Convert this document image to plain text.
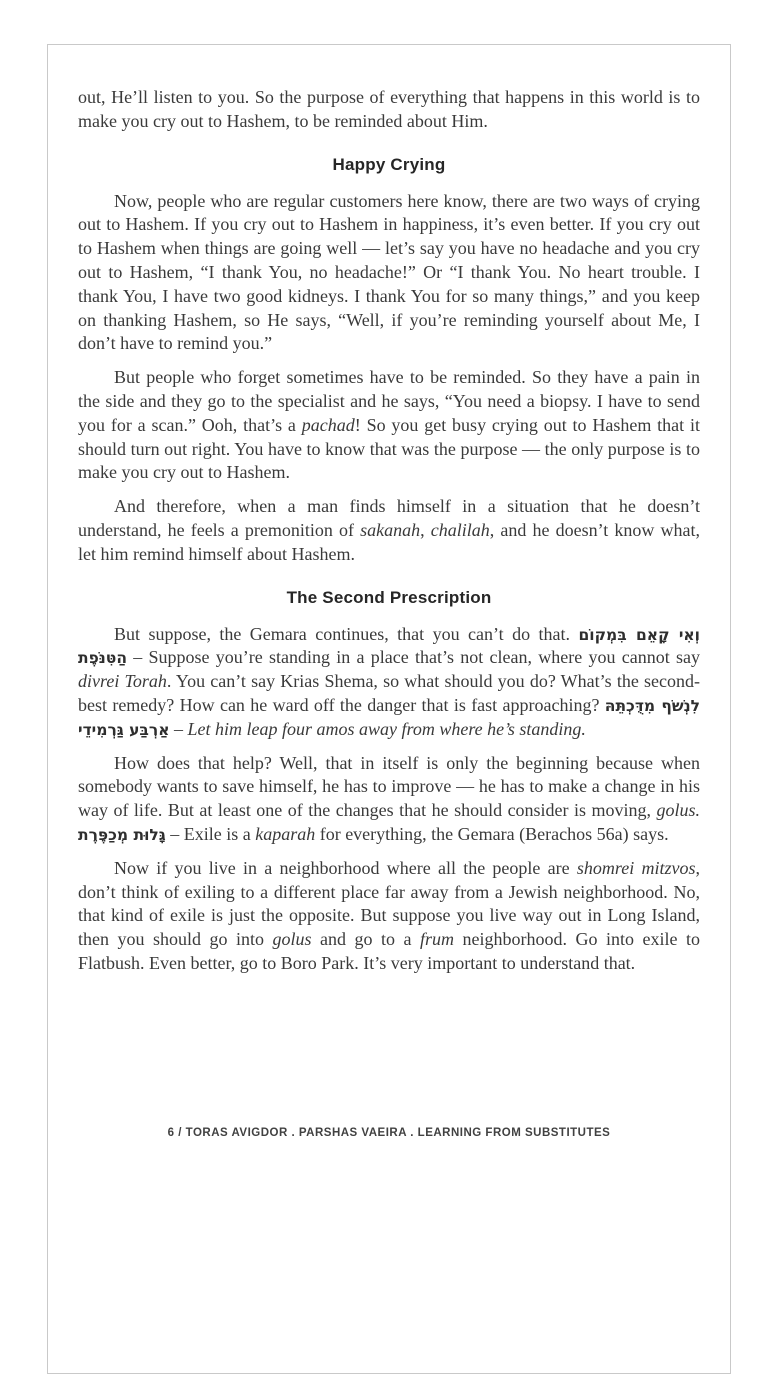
out, He’ll listen to you. So the purpose of everything that happens in this world is to make you cry out to Hashem, to be reminded about Him.

Happy Crying

Now, people who are regular customers here know, there are two ways of crying out to Hashem. If you cry out to Hashem in happiness, it’s even better. If you cry out to Hashem when things are going well — let’s say you have no headache and you cry out to Hashem, “I thank You, no headache!” Or “I thank You. No heart trouble. I thank You, I have two good kidneys. I thank You for so many things,” and you keep on thanking Hashem, so He says, “Well, if you’re reminding yourself about Me, I don’t have to remind you.”

But people who forget sometimes have to be reminded. So they have a pain in the side and they go to the specialist and he says, “You need a biopsy. I have to send you for a scan.” Ooh, that’s a pachad! So you get busy crying out to Hashem that it should turn out right. You have to know that was the purpose — the only purpose is to make you cry out to Hashem.

And therefore, when a man finds himself in a situation that he doesn’t understand, he feels a premonition of sakanah, chalilah, and he doesn’t know what, let him remind himself about Hashem.

The Second Prescription

But suppose, the Gemara continues, that you can’t do that. וְאִי קָאֵם בִּמְקוֹם הַטִּנֹּפֶת – Suppose you’re standing in a place that’s not clean, where you cannot say divrei Torah. You can’t say Krias Shema, so what should you do? What’s the second-best remedy? How can he ward off the danger that is fast approaching? לִנְשֹׁף מִדֻּכְתֵּהּ אַרְבַּע גַּרְמִידֵי – Let him leap four amos away from where he’s standing.

How does that help? Well, that in itself is only the beginning because when somebody wants to save himself, he has to improve — he has to make a change in his way of life. But at least one of the changes that he should consider is moving, golus. גָּלוּת מְכַפֶּרֶת – Exile is a kaparah for everything, the Gemara (Berachos 56a) says.

Now if you live in a neighborhood where all the people are shomrei mitzvos, don’t think of exiling to a different place far away from a Jewish neighborhood. No, that kind of exile is just the opposite. But suppose you live way out in Long Island, then you should go into golus and go to a frum neighborhood. Go into exile to Flatbush. Even better, go to Boro Park. It’s very important to understand that.

6 / TORAS AVIGDOR . PARSHAS VAEIRA . LEARNING FROM SUBSTITUTES
